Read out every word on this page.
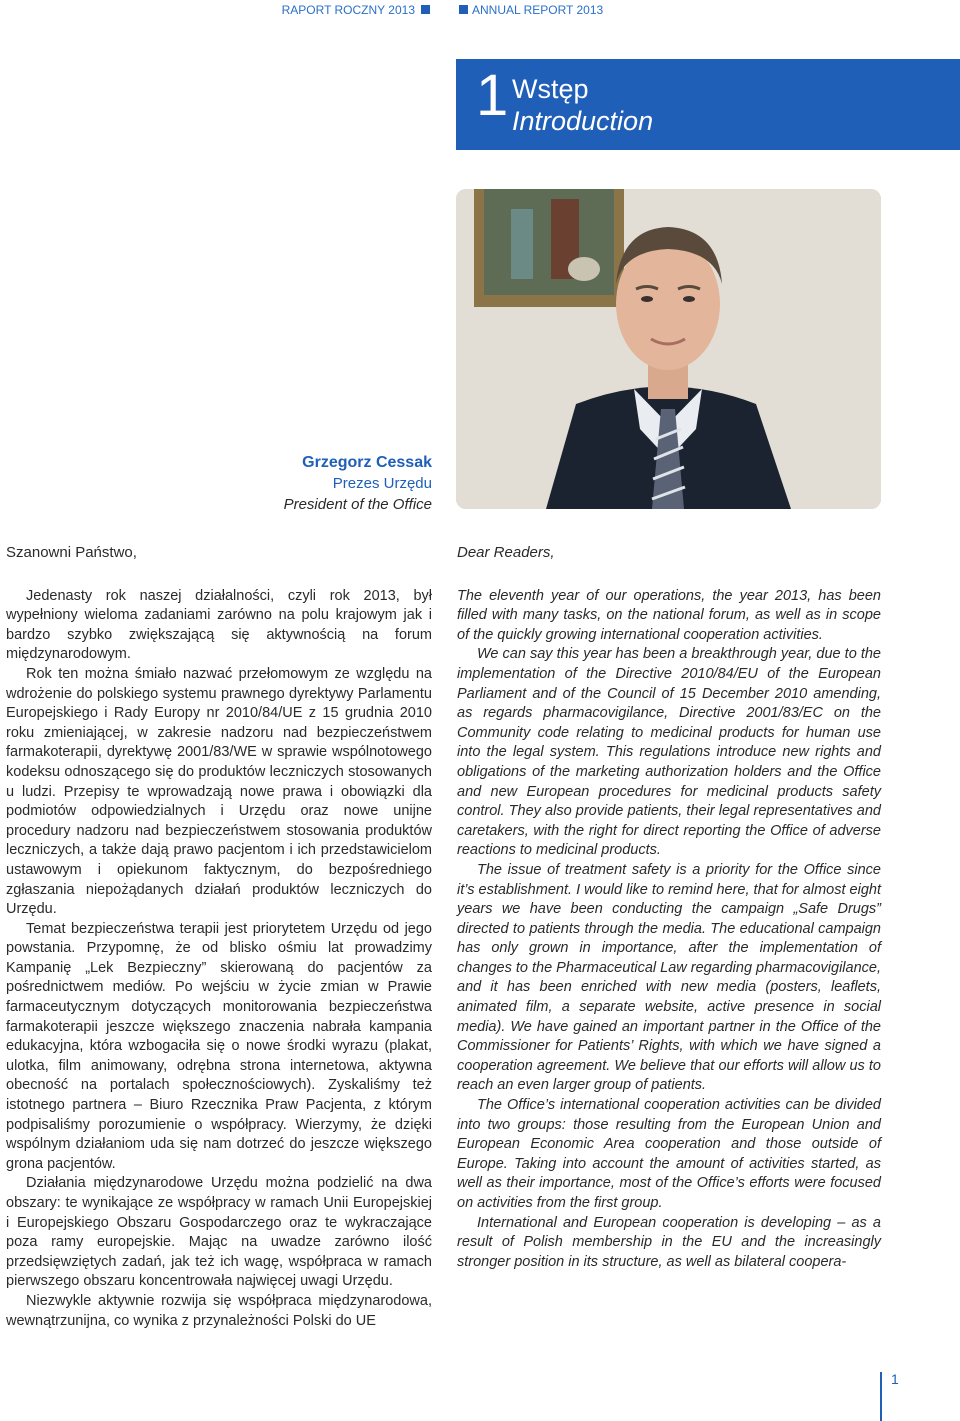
RAPORT ROCZNY 2013	ANNUAL REPORT 2013
1 Wstęp
Introduction
Grzegorz Cessak
Prezes Urzędu
President of the Office

Szanowni Państwo,

Jedenasty rok naszej działalności, czyli rok 2013, był wypełniony wieloma zadaniami zarówno na polu krajowym jak i bardzo szybko zwiększającą się aktywnością na forum międzynarodowym.

Rok ten można śmiało nazwać przełomowym ze względu na wdrożenie do polskiego systemu prawnego dyrektywy Parlamentu Europejskiego i Rady Europy nr 2010/84/UE z 15 grudnia 2010 roku zmieniającej, w zakresie nadzoru nad bezpieczeństwem farmakoterapii, dyrektywę 2001/83/WE w sprawie wspólnotowego kodeksu odnoszącego się do produktów leczniczych stosowanych u ludzi. Przepisy te wprowadzają nowe prawa i obowiązki dla podmiotów odpowiedzialnych i Urzędu oraz nowe unijne procedury nadzoru nad bezpieczeństwem stosowania produktów leczniczych, a także dają prawo pacjentom i ich przedstawicielom ustawowym i opiekunom faktycznym, do bezpośredniego zgłaszania niepożądanych działań produktów leczniczych do Urzędu.

Temat bezpieczeństwa terapii jest priorytetem Urzędu od jego powstania. Przypomnę, że od blisko ośmiu lat prowadzimy Kampanię „Lek Bezpieczny” skierowaną do pacjentów za pośrednictwem mediów. Po wejściu w życie zmian w Prawie farmaceutycznym dotyczących monitorowania bezpieczeństwa farmakoterapii jeszcze większego znaczenia nabrała kampania edukacyjna, która wzbogaciła się o nowe środki wyrazu (plakat, ulotka, film animowany, odrębna strona internetowa, aktywna obecność na portalach społecznościowych). Zyskaliśmy też istotnego partnera – Biuro Rzecznika Praw Pacjenta, z którym podpisaliśmy porozumienie o współpracy. Wierzymy, że dzięki wspólnym działaniom uda się nam dotrzeć do jeszcze większego grona pacjentów.

Działania międzynarodowe Urzędu można podzielić na dwa obszary: te wynikające ze współpracy w ramach Unii Europejskiej i Europejskiego Obszaru Gospodarczego oraz te wykraczające poza ramy europejskie. Mając na uwadze zarówno ilość przedsięwziętych zadań, jak też ich wagę, współpraca w ramach pierwszego obszaru koncentrowała najwięcej uwagi Urzędu.

Niezwykle aktywnie rozwija się współpraca międzynarodowa, wewnątrzunijna, co wynika z przynależności Polski do UE

Dear Readers,

The eleventh year of our operations, the year 2013, has been filled with many tasks, on the national forum, as well as in scope of the quickly growing international cooperation activities.

We can say this year has been a breakthrough year, due to the implementation of the Directive 2010/84/EU of the European Parliament and of the Council of 15 December 2010 amending, as regards pharmacovigilance, Directive 2001/83/EC on the Community code relating to medicinal products for human use into the legal system. This regulations introduce new rights and obligations of the marketing authorization holders and the Office and new European procedures for medicinal products safety control. They also provide patients, their legal representatives and caretakers, with the right for direct reporting the Office of adverse reactions to medicinal products.

The issue of treatment safety is a priority for the Office since it’s establishment. I would like to remind here, that for almost eight years we have been conducting the campaign „Safe Drugs” directed to patients through the media. The educational campaign has only grown in importance, after the implementation of changes to the Pharmaceutical Law regarding pharmacovigilance, and it has been enriched with new media (posters, leaflets, animated film, a separate website, active presence in social media). We have gained an important partner in the Office of the Commissioner for Patients’ Rights, with which we have signed a cooperation agreement. We believe that our efforts will allow us to reach an even larger group of patients.

The Office’s international cooperation activities can be divided into two groups: those resulting from the European Union and European Economic Area cooperation and those outside of Europe. Taking into account the amount of activities started, as well as their importance, most of the Office’s efforts were focused on activities from the first group.

International and European cooperation is developing – as a result of Polish membership in the EU and the increasingly stronger position in its structure, as well as bilateral coopera-

1
